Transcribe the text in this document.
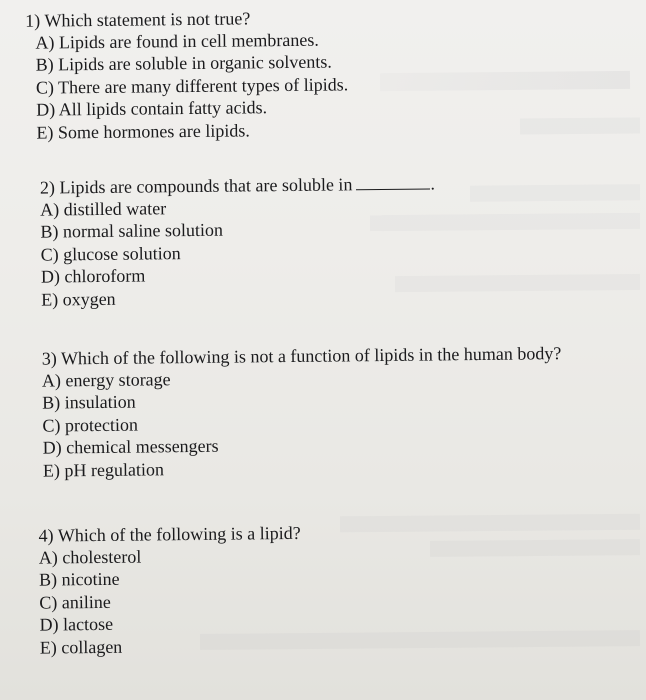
1) Which statement is not true?

A) Lipids are found in cell membranes.
B) Lipids are soluble in organic solvents.
C) There are many different types of lipids.
D) All lipids contain fatty acids.
E) Some hormones are lipids.

2) Lipids are compounds that are soluble in	.

A) distilled water
B) normal saline solution
C) glucose solution
D) chloroform
E) oxygen

3) Which of the following is not a function of lipids in the human body?

A) energy storage
B) insulation
C) protection
D) chemical messengers
E) pH regulation

4) Which of the following is a lipid?

A) cholesterol
B) nicotine
C) aniline
D) lactose
E) collagen
